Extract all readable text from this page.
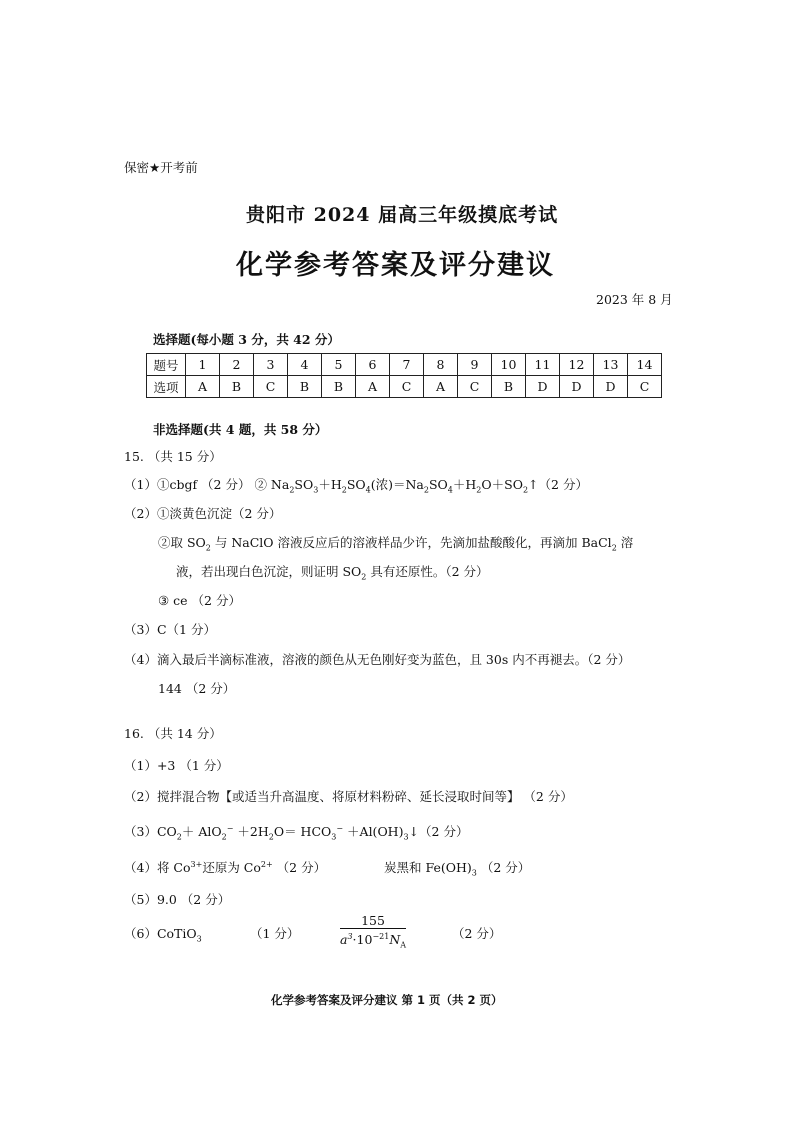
保密★开考前
贵阳市 2024 届高三年级摸底考试
化学参考答案及评分建议
2023 年 8 月
选择题(每小题 3 分，共 42 分）
题号	1	2	3	4	5	6	7	8	9	10	11	12	13	14
选项	A	B	C	B	B	A	C	A	C	B	D	D	D	C
非选择题(共 4 题，共 58 分）
15. （共 15 分）
（1）①cbgf （2 分） ② $Na_2SO_3+H_2SO_4$(浓)$=Na_2SO_4+H_2O+SO_2↑(2$ 分）
（2）①淡黄色沉淀（2 分）
②取 $SO_2$ 与 NaClO 溶液反应后的溶液样品少许，先滴加盐酸酸化，再滴加 BaCl$_2$ 溶
液，若出现白色沉淀，则证明 $SO_2$ 具有还原性。（2 分）
③ ce （2 分）
（3）C（1 分）
（4）滴入最后半滴标准液，溶液的颜色从无色刚好变为蓝色，且 30s 内不再褪去。（2 分）
144 （2 分）
16. （共 14 分）
（1）+3 （1 分）
（2）搅拌混合物【或适当升高温度、将原材料粉碎、延长浸取时间等】 （2 分）
$(3)CO_2+ AlO_2^- +2H_2O= HCO_3^-$ $+Al(OH)_3↓(2$ 分）
（4）将 $Co^{3+}$还原为 $Co^{2+}$ （2 分）	炭黑和 $Fe(OH)_3$ （2 分）
（5）9.0 （2 分）
（6）CoTiO$_3$	（1 分）	$\frac{155}{a^3\cdot 10^{-21}N_A}$	（2 分）
化学参考答案及评分建议 第 1 页（共 2 页）
